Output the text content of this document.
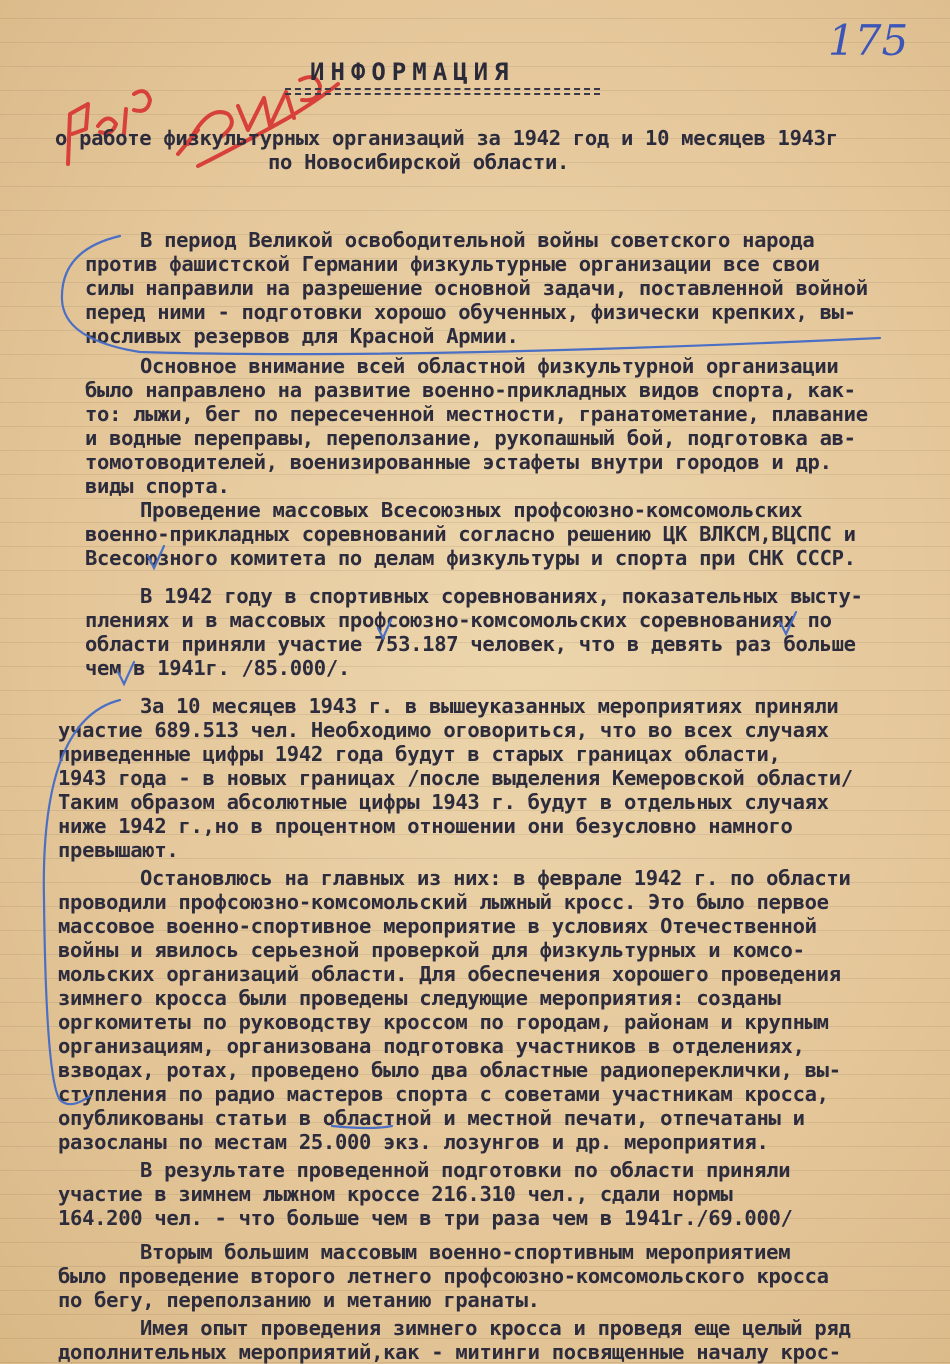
всем обрн	175
ИНФОРМАЦИЯ
о работе физкультурных организаций за 1942 год и 10 месяцев 1943г
по Новосибирской области.
В период Великой освободительной войны советского народа
против фашистской Германии физкультурные организации все свои
силы направили на разрешение основной задачи, поставленной войной
перед ними - подготовки хорошо обученных, физически крепких, вы-
носливых резервов для Красной Армии.
Основное внимание всей областной физкультурной организации
было направлено на развитие военно-прикладных видов спорта, как-
то: лыжи, бег по пересеченной местности, гранатометание, плавание
и водные переправы, переползание, рукопашный бой, подготовка ав-
томотоводителей, военизированные эстафеты внутри городов и др.
виды спорта.
Проведение массовых Всесоюзных профсоюзно-комсомольских
военно-прикладных соревнований согласно решению ЦК ВЛКСМ,ВЦСПС и
Всесоюзного комитета по делам физкультуры и спорта при СНК СССР.
В 1942 году в спортивных соревнованиях, показательных высту-
плениях и в массовых профсоюзно-комсомольских соревнованиях по
области приняли участие 753.187 человек, что в девять раз больше
чем в 1941г. /85.000/.
За 10 месяцев 1943 г. в вышеуказанных мероприятиях приняли
участие 689.513 чел. Необходимо оговориться, что во всех случаях
приведенные цифры 1942 года будут в старых границах области,
1943 года - в новых границах /после выделения Кемеровской области/
Таким образом абсолютные цифры 1943 г. будут в отдельных случаях
ниже 1942 г.,но в процентном отношении они безусловно намного
превышают.
Остановлюсь на главных из них: в феврале 1942 г. по области
проводили профсоюзно-комсомольский лыжный кросс. Это было первое
массовое военно-спортивное мероприятие в условиях Отечественной
войны и явилось серьезной проверкой для физкультурных и комсо-
мольских организаций области. Для обеспечения хорошего проведения
зимнего кросса были проведены следующие мероприятия: созданы
оргкомитеты по руководству кроссом по городам, районам и крупным
организациям, организована подготовка участников в отделениях,
взводах, ротах, проведено было два областные радиопереклички, вы-
ступления по радио мастеров спорта с советами участникам кросса,
опубликованы статьи в областной и местной печати, отпечатаны и
разосланы по местам 25.000 экз. лозунгов и др. мероприятия.
В результате проведенной подготовки по области приняли
участие в зимнем лыжном кроссе 216.310 чел., сдали нормы
164.200 чел. - что больше чем в три раза чем в 1941г./69.000/
Вторым большим массовым военно-спортивным мероприятием
было проведение второго летнего профсоюзно-комсомольского кросса
по бегу, переползанию и метанию гранаты.
Имея опыт проведения зимнего кросса и проведя еще целый ряд
дополнительных мероприятий,как - митинги посвященные началу крос-
